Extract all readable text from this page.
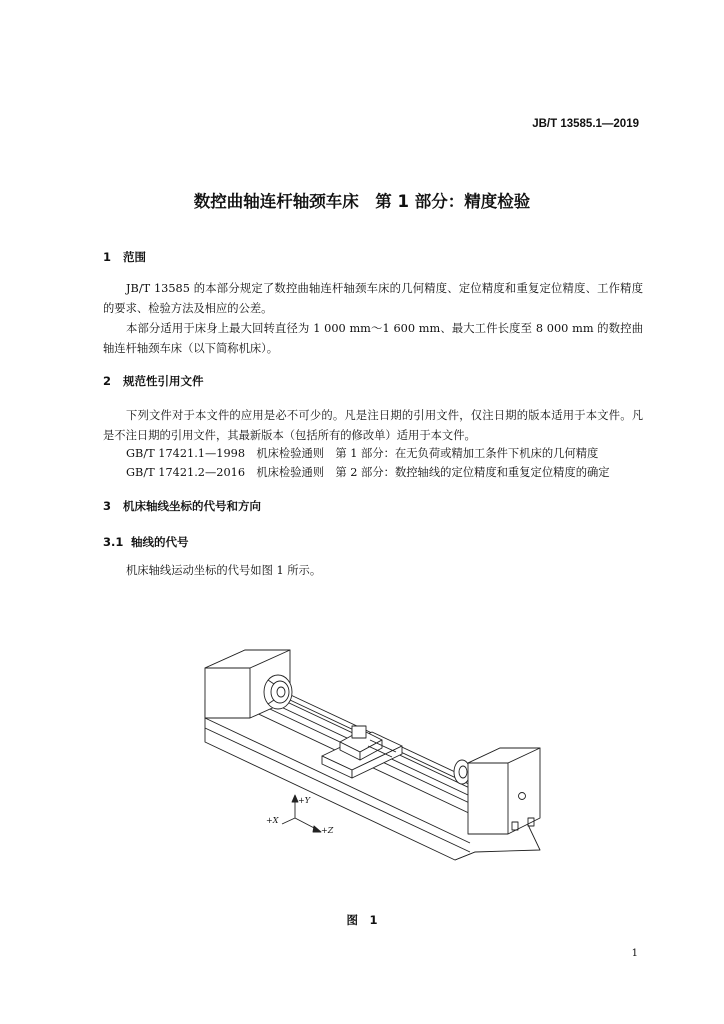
JB/T 13585.1—2019
数控曲轴连杆轴颈车床　第 1 部分：精度检验
1 范围
JB/T 13585 的本部分规定了数控曲轴连杆轴颈车床的几何精度、定位精度和重复定位精度、工作精度的要求、检验方法及相应的公差。
本部分适用于床身上最大回转直径为 1 000 mm～1 600 mm、最大工件长度至 8 000 mm 的数控曲轴连杆轴颈车床（以下简称机床）。
2 规范性引用文件
下列文件对于本文件的应用是必不可少的。凡是注日期的引用文件，仅注日期的版本适用于本文件。凡是不注日期的引用文件，其最新版本（包括所有的修改单）适用于本文件。
GB/T 17421.1—1998　机床检验通则　第 1 部分：在无负荷或精加工条件下机床的几何精度
GB/T 17421.2—2016　机床检验通则　第 2 部分：数控轴线的定位精度和重复定位精度的确定
3 机床轴线坐标的代号和方向
3.1 轴线的代号
机床轴线运动坐标的代号如图 1 所示。
+Y
+X
+Z
图　1
1
